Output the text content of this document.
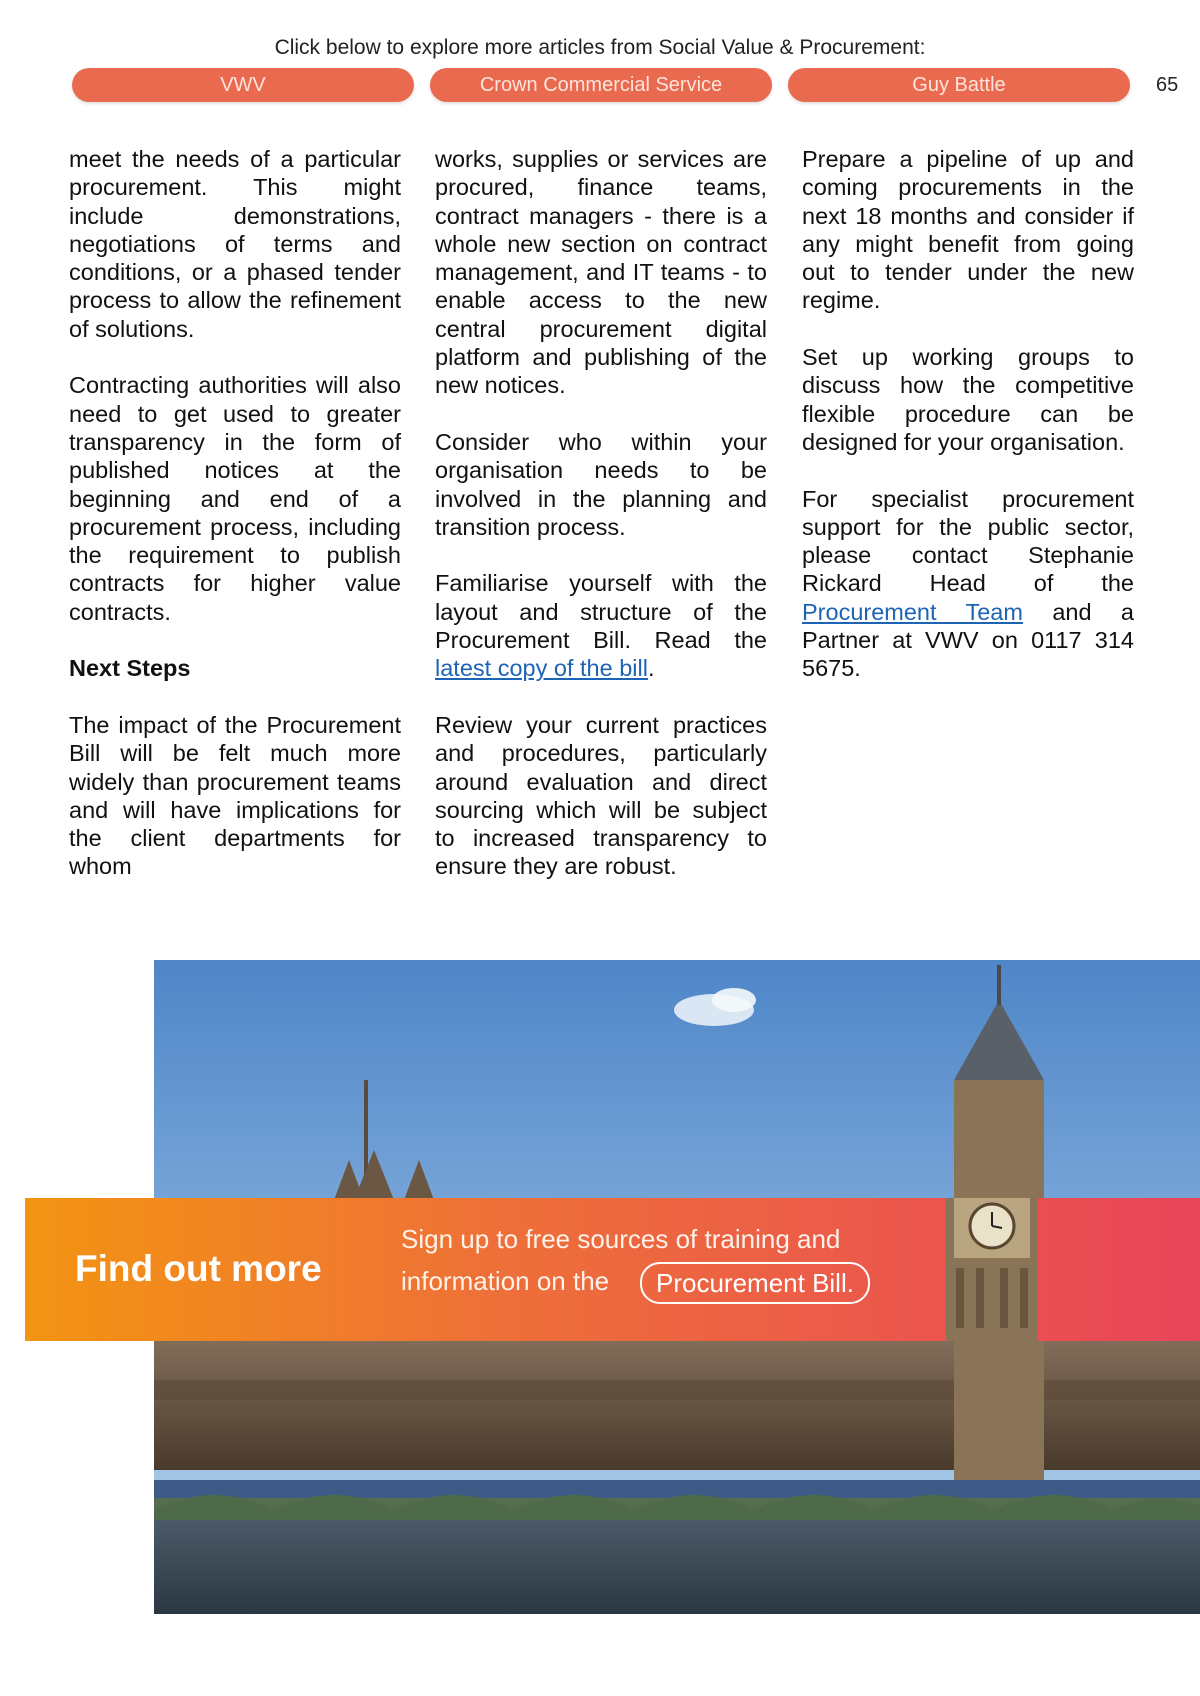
Click below to explore more articles from Social Value & Procurement:
VWV	Crown Commercial Service	Guy Battle	65

meet the needs of a particular procurement. This might include demonstrations, negotiations of terms and conditions, or a phased tender process to allow the refinement of solutions.

Contracting authorities will also need to get used to greater transparency in the form of published notices at the beginning and end of a procurement process, including the requirement to publish contracts for higher value contracts.

Next Steps

The impact of the Procurement Bill will be felt much more widely than procurement teams and will have implications for the client departments for whom

works, supplies or services are procured, finance teams, contract managers - there is a whole new section on contract management, and IT teams - to enable access to the new central procurement digital platform and publishing of the new notices.

Consider who within your organisation needs to be involved in the planning and transition process.

Familiarise yourself with the layout and structure of the Procurement Bill. Read the latest copy of the bill.

Review your current practices and procedures, particularly around evaluation and direct sourcing which will be subject to increased transparency to ensure they are robust.

Prepare a pipeline of up and coming procurements in the next 18 months and consider if any might benefit from going out to tender under the new regime.

Set up working groups to discuss how the competitive flexible procedure can be designed for your organisation.

For specialist procurement support for the public sector, please contact Stephanie Rickard Head of the Procurement Team and a Partner at VWV on 0117 314 5675.

Find out more
Sign up to free sources of training and
information on the	Procurement Bill.
